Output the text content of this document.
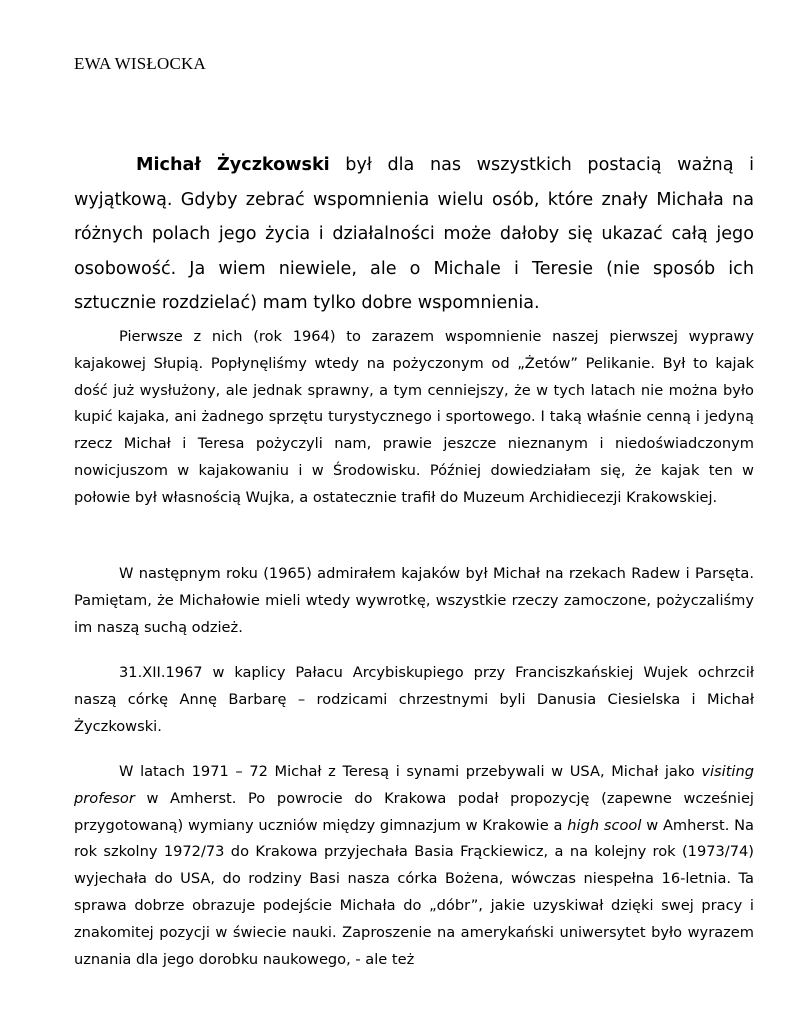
EWA WISŁOCKA

Michał Życzkowski był dla nas wszystkich postacią ważną i wyjątkową. Gdyby zebrać wspomnienia wielu osób, które znały Michała na różnych polach jego życia i działalności może dałoby się ukazać całą jego osobowość. Ja wiem niewiele, ale o Michale i Teresie (nie sposób ich sztucznie rozdzielać) mam tylko dobre wspomnienia.

Pierwsze z nich (rok 1964) to zarazem wspomnienie naszej pierwszej wyprawy kajakowej Słupią. Popłynęliśmy wtedy na pożyczonym od „Żetów” Pelikanie. Był to kajak dość już wysłużony, ale jednak sprawny, a tym cenniejszy, że w tych latach nie można było kupić kajaka, ani żadnego sprzętu turystycznego i sportowego. I taką właśnie cenną i jedyną rzecz Michał i Teresa pożyczyli nam, prawie jeszcze nieznanym i niedoświadczonym nowicjuszom w kajakowaniu i w Środowisku. Później dowiedziałam się, że kajak ten w połowie był własnością Wujka, a ostatecznie trafił do Muzeum Archidiecezji Krakowskiej.

W następnym roku (1965) admirałem kajaków był Michał na rzekach Radew i Parsęta. Pamiętam, że Michałowie mieli wtedy wywrotkę, wszystkie rzeczy zamoczone, pożyczaliśmy im naszą suchą odzież.

31.XII.1967 w kaplicy Pałacu Arcybiskupiego przy Franciszkańskiej Wujek ochrzcił naszą córkę Annę Barbarę – rodzicami chrzestnymi byli Danusia Ciesielska i Michał Życzkowski.

W latach 1971 – 72 Michał z Teresą i synami przebywali w USA, Michał jako visiting profesor w Amherst. Po powrocie do Krakowa podał propozycję (zapewne wcześniej przygotowaną) wymiany uczniów między gimnazjum w Krakowie a high scool w Amherst. Na rok szkolny 1972/73 do Krakowa przyjechała Basia Frąckiewicz, a na kolejny rok (1973/74) wyjechała do USA, do rodziny Basi nasza córka Bożena, wówczas niespełna 16-letnia. Ta sprawa dobrze obrazuje podejście Michała do „dóbr”, jakie uzyskiwał dzięki swej pracy i znakomitej pozycji w świecie nauki. Zaproszenie na amerykański uniwersytet było wyrazem uznania dla jego dorobku naukowego, - ale też
